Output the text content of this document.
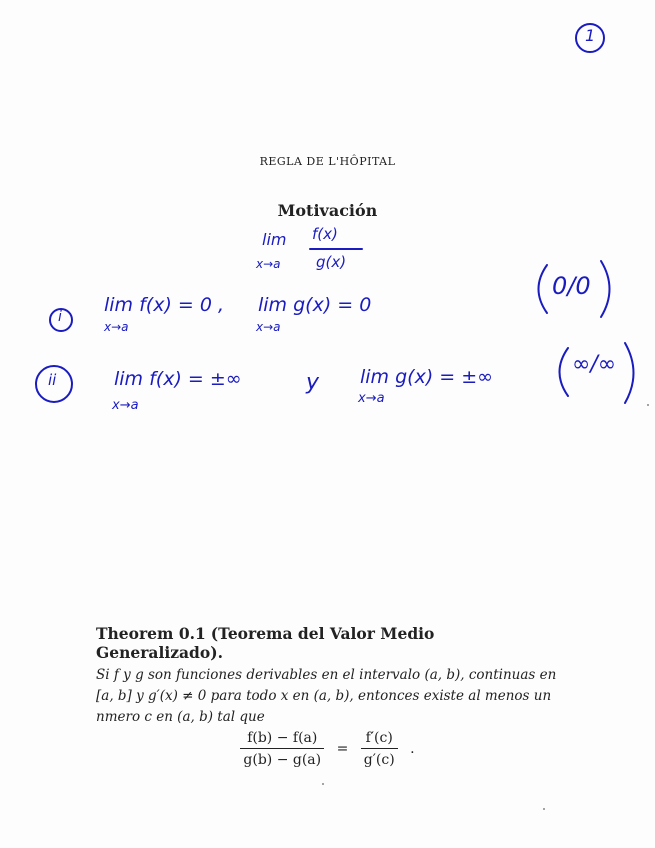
1
REGLA DE L'HÔPITAL
Motivación
lim
x→a
f(x)
g(x)
i
lim f(x) = 0 ,
x→a
lim g(x) = 0
x→a
0/0
ii	lim f(x) = ±∞
x→a
y lim g(x) = ±∞
x→a
∞/∞
Theorem 0.1 (Teorema del Valor Medio Generalizado).
Si f y g son funciones derivables en el intervalo (a, b), continuas en [a, b] y g′(x) ≠ 0 para todo x en (a, b), entonces existe al menos un nmero c en (a, b) tal que
$\frac{f(b) - f(a)}{g(b) - g(a)} = \frac{f'(c)}{g'(c)}$ .
